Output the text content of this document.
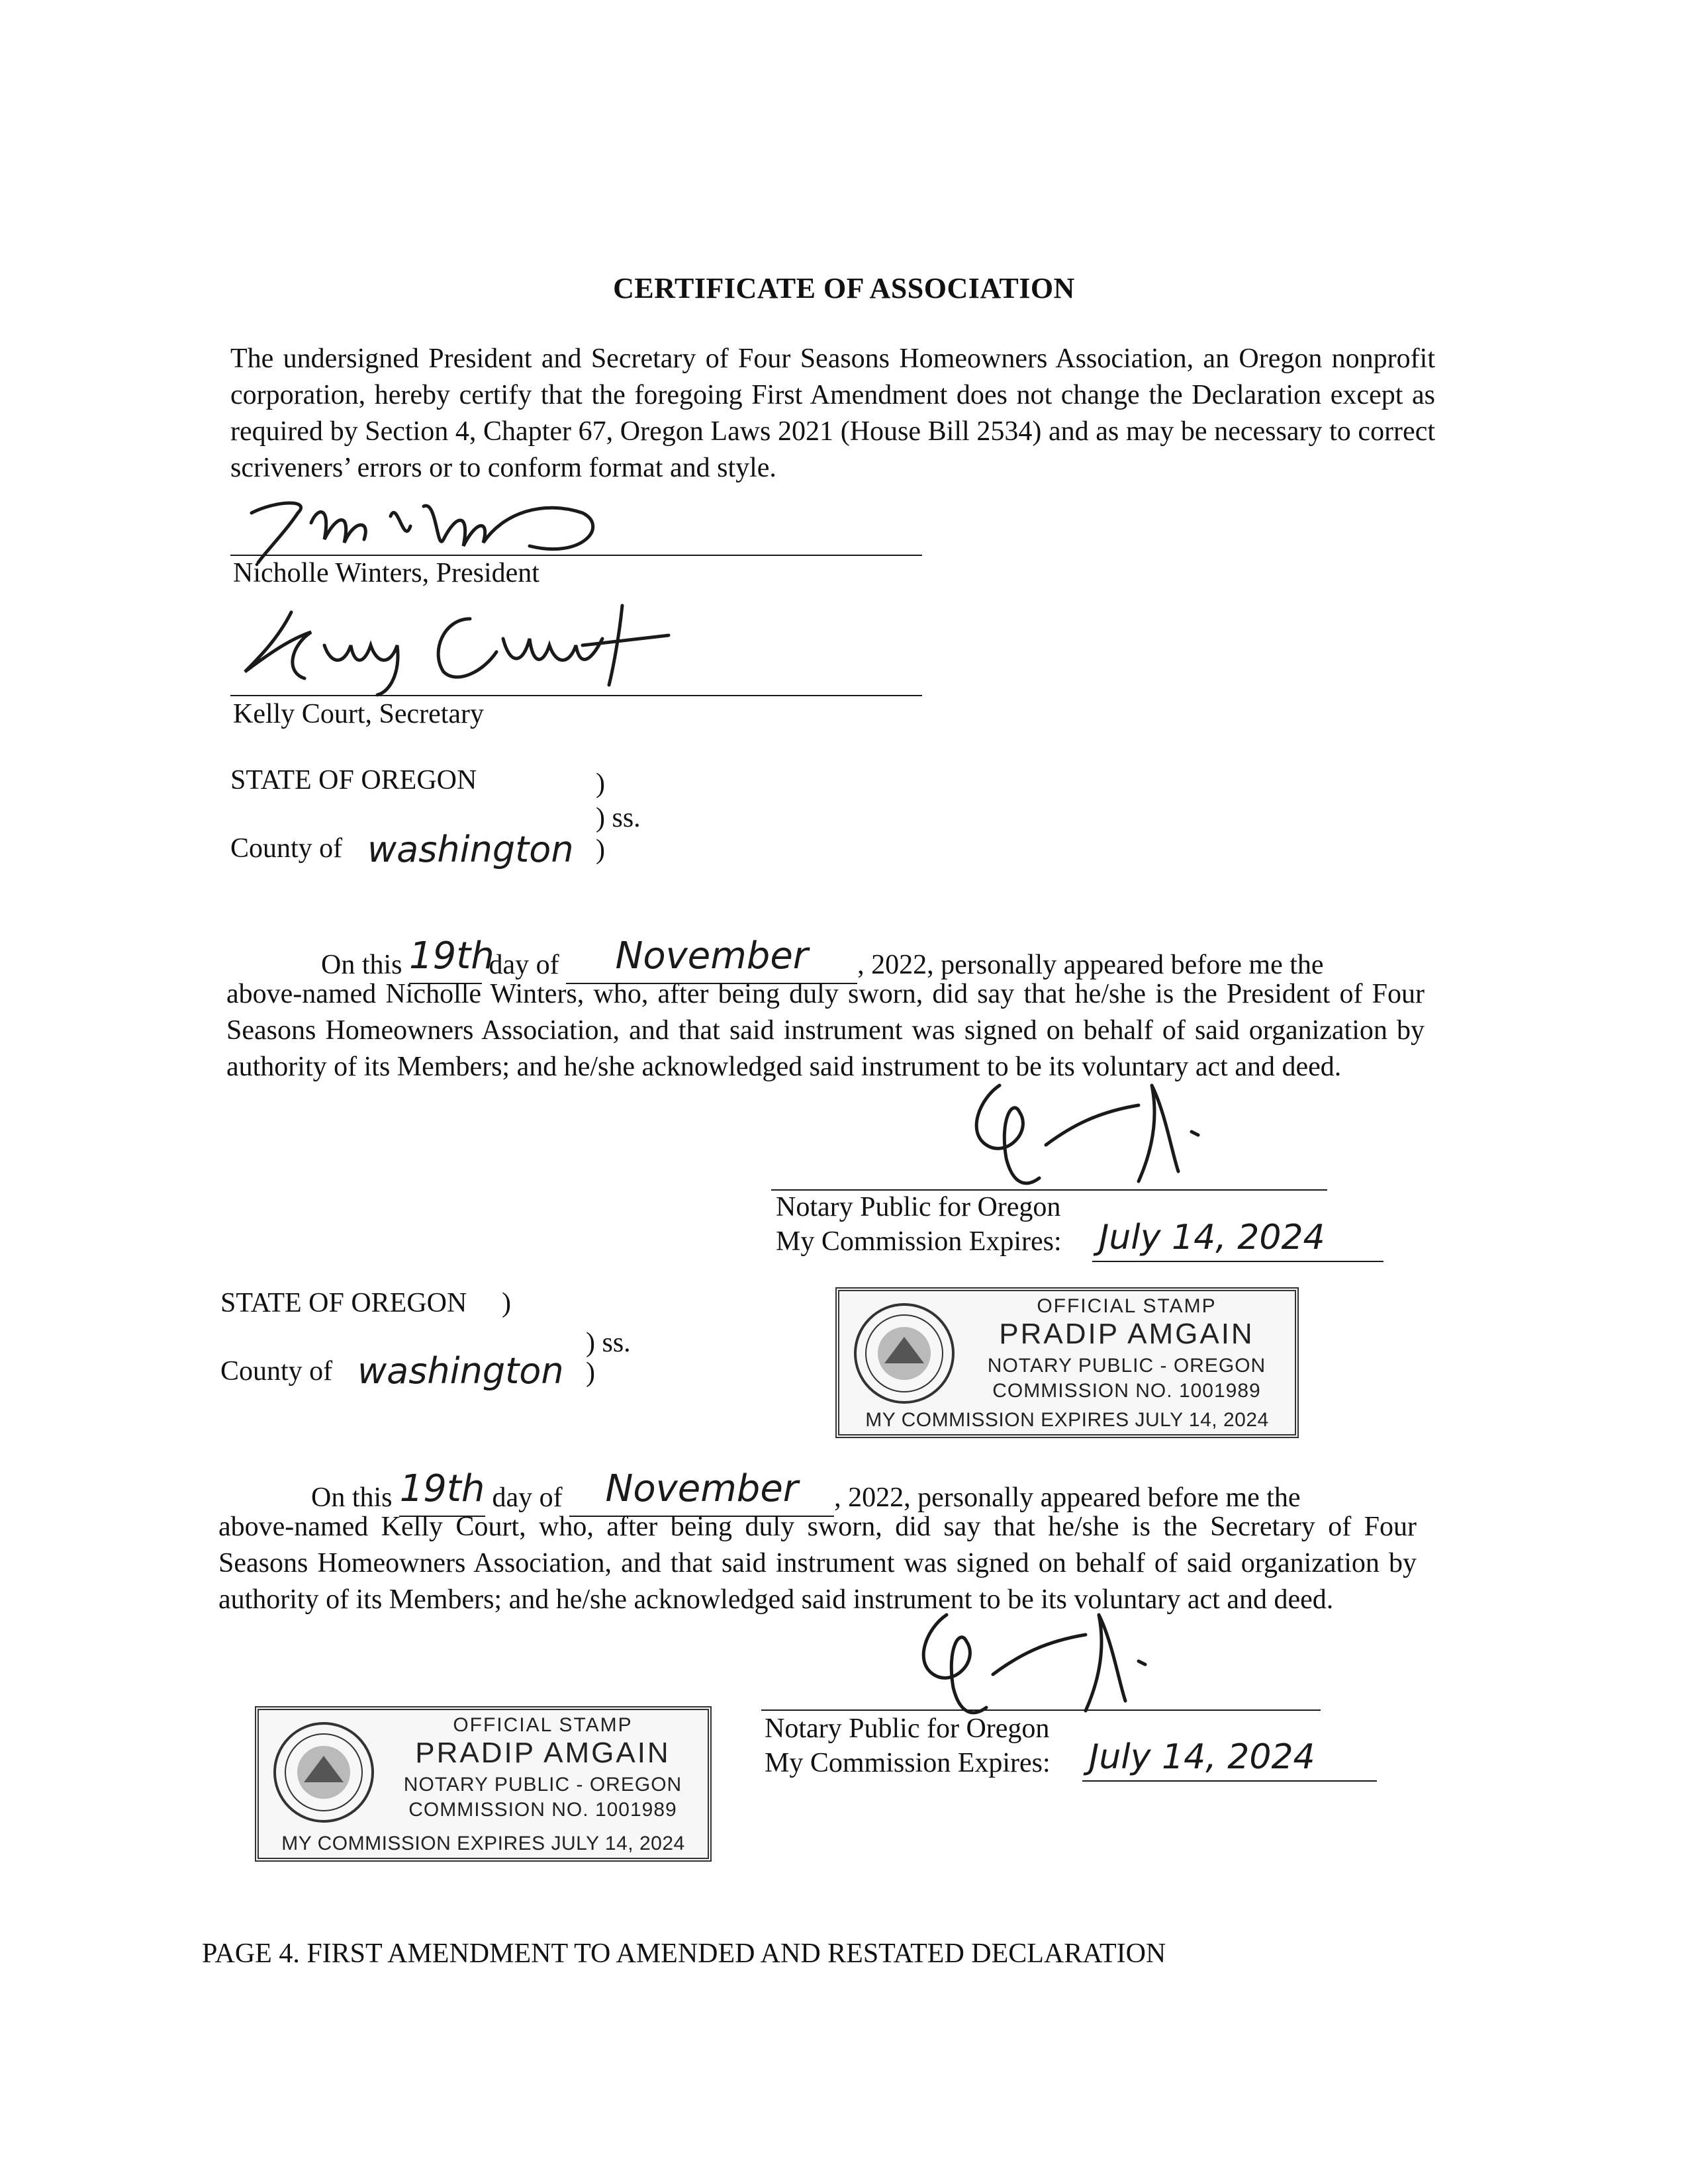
CERTIFICATE OF ASSOCIATION
The undersigned President and Secretary of Four Seasons Homeowners Association, an Oregon nonprofit corporation, hereby certify that the foregoing First Amendment does not change the Declaration except as required by Section 4, Chapter 67, Oregon Laws 2021 (House Bill 2534) and as may be necessary to correct scriveners’ errors or to conform format and style.
Nicholle Winters, President
Kelly Court, Secretary
STATE OF OREGON	)
) ss.
County of washington )
On this 19th day of November , 2022, personally appeared before me the
above-named Nicholle Winters, who, after being duly sworn, did say that he/she is the President of Four Seasons Homeowners Association, and that said instrument was signed on behalf of said organization by authority of its Members; and he/she acknowledged said instrument to be its voluntary act and deed.
Notary Public for Oregon
My Commission Expires: July 14, 2024
OFFICIAL STAMP
PRADIP AMGAIN
NOTARY PUBLIC - OREGON
COMMISSION NO. 1001989
MY COMMISSION EXPIRES JULY 14, 2024
STATE OF OREGON )
) ss.
County of washington )
On this 19th day of November , 2022, personally appeared before me the
above-named Kelly Court, who, after being duly sworn, did say that he/she is the Secretary of Four Seasons Homeowners Association, and that said instrument was signed on behalf of said organization by authority of its Members; and he/she acknowledged said instrument to be its voluntary act and deed.
Notary Public for Oregon
My Commission Expires: July 14, 2024
OFFICIAL STAMP
PRADIP AMGAIN
NOTARY PUBLIC - OREGON
COMMISSION NO. 1001989
MY COMMISSION EXPIRES JULY 14, 2024
PAGE 4. FIRST AMENDMENT TO AMENDED AND RESTATED DECLARATION
